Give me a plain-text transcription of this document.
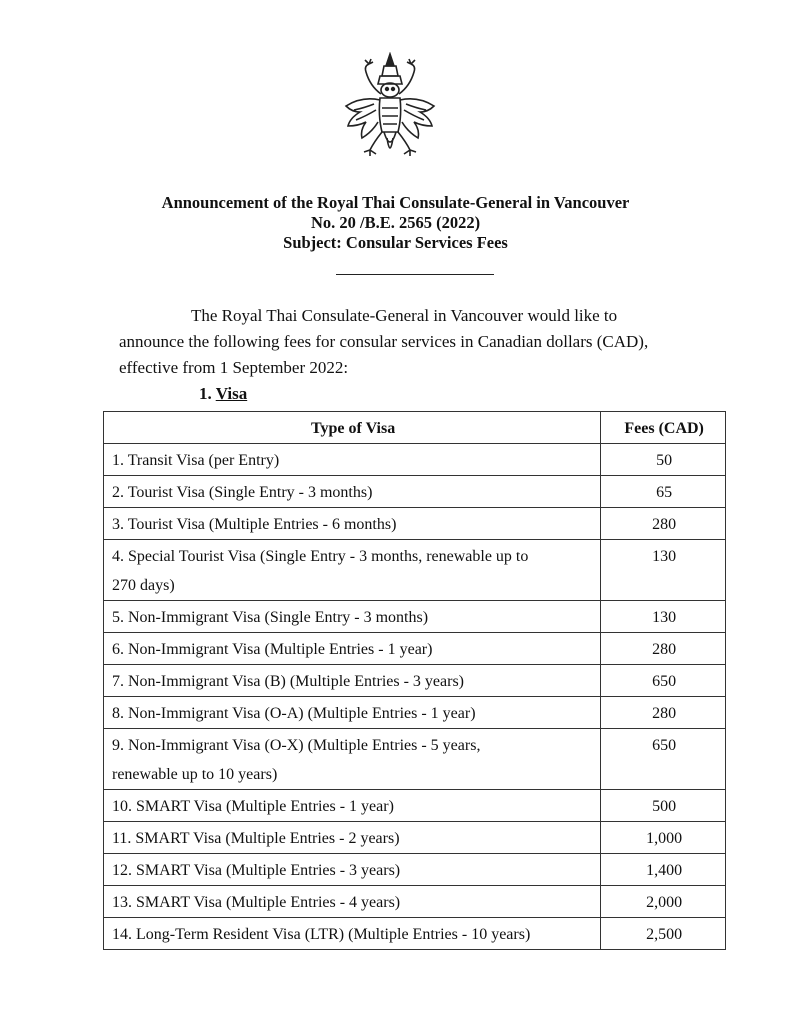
Announcement of the Royal Thai Consulate-General in Vancouver
No. 20 /B.E. 2565 (2022)
Subject: Consular Services Fees
The Royal Thai Consulate-General in Vancouver would like to
announce the following fees for consular services in Canadian dollars (CAD),
effective from 1 September 2022:
1. Visa
Type of Visa	Fees (CAD)
1. Transit Visa (per Entry)	50
2. Tourist Visa (Single Entry - 3 months)	65
3. Tourist Visa (Multiple Entries - 6 months)	280

4. Special Tourist Visa (Single Entry - 3 months, renewable up to
270 days)	130
5. Non-Immigrant Visa (Single Entry - 3 months)	130
6. Non-Immigrant Visa (Multiple Entries - 1 year)	280
7. Non-Immigrant Visa (B) (Multiple Entries - 3 years)	650
8. Non-Immigrant Visa (O-A) (Multiple Entries - 1 year)	280

9. Non-Immigrant Visa (O-X) (Multiple Entries - 5 years,
renewable up to 10 years)	650
10. SMART Visa (Multiple Entries - 1 year)	500
11. SMART Visa (Multiple Entries - 2 years)	1,000
12. SMART Visa (Multiple Entries - 3 years)	1,400
13. SMART Visa (Multiple Entries - 4 years)	2,000
14. Long-Term Resident Visa (LTR) (Multiple Entries - 10 years)	2,500
